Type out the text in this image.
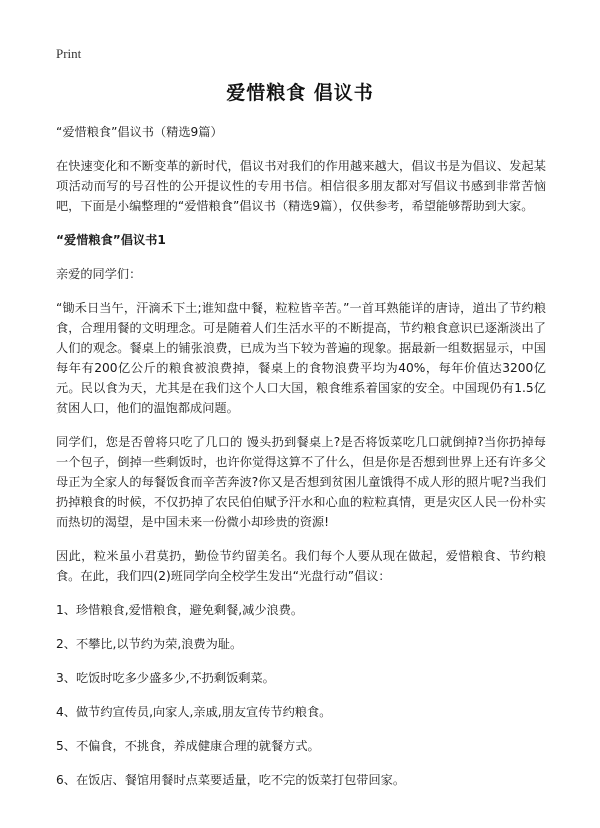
Print
爱惜粮食 倡议书

“爱惜粮食”倡议书（精选9篇）

在快速变化和不断变革的新时代，倡议书对我们的作用越来越大，倡议书是为倡议、发起某项活动而写的号召性的公开提议性的专用书信。相信很多朋友都对写倡议书感到非常苦恼吧，下面是小编整理的“爱惜粮食”倡议书（精选9篇），仅供参考，希望能够帮助到大家。

“爱惜粮食”倡议书1

亲爱的同学们：

“锄禾日当午，汗滴禾下土;谁知盘中餐，粒粒皆辛苦。”一首耳熟能详的唐诗，道出了节约粮食，合理用餐的文明理念。可是随着人们生活水平的不断提高，节约粮食意识已逐渐淡出了人们的观念。餐桌上的铺张浪费，已成为当下较为普遍的现象。据最新一组数据显示，中国每年有200亿公斤的粮食被浪费掉，餐桌上的食物浪费平均为40%，每年价值达3200亿元。民以食为天，尤其是在我们这个人口大国，粮食维系着国家的安全。中国现仍有1.5亿贫困人口，他们的温饱都成问题。

同学们，您是否曾将只吃了几口的 馒头扔到餐桌上?是否将饭菜吃几口就倒掉?当你扔掉每一个包子，倒掉一些剩饭时，也许你觉得这算不了什么，但是你是否想到世界上还有许多父母正为全家人的每餐饭食而辛苦奔波?你又是否想到贫困儿童饿得不成人形的照片呢?当我们扔掉粮食的时候，不仅扔掉了农民伯伯赋予汗水和心血的粒粒真情，更是灾区人民一份朴实而热切的渴望，是中国未来一份微小却珍贵的资源!

因此，粒米虽小君莫扔，勤俭节约留美名。我们每个人要从现在做起，爱惜粮食、节约粮食。在此，我们四(2)班同学向全校学生发出“光盘行动”倡议：

1、珍惜粮食,爱惜粮食，避免剩餐,减少浪费。

2、不攀比,以节约为荣,浪费为耻。

3、吃饭时吃多少盛多少,不扔剩饭剩菜。

4、做节约宣传员,向家人,亲戚,朋友宣传节约粮食。

5、不偏食，不挑食，养成健康合理的就餐方式。

6、在饭店、餐馆用餐时点菜要适量，吃不完的饭菜打包带回家。
